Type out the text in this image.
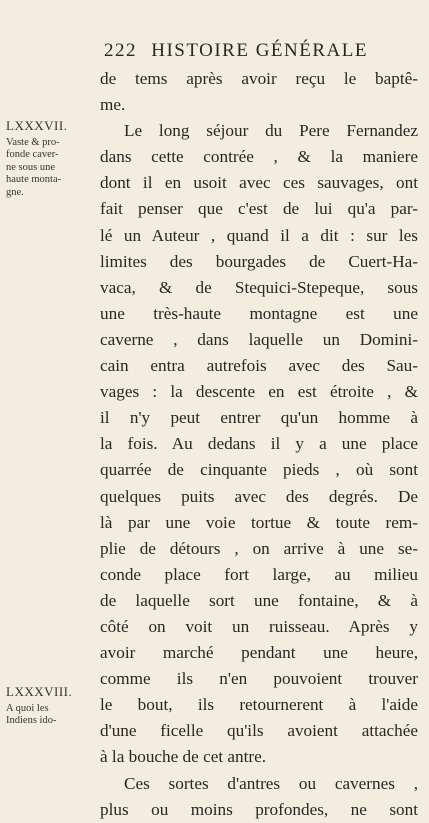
222 HISTOIRE GÉNÉRALE
LXXXVII.
Vaste & pro-
fonde caver-
ne sous une
haute monta-
gne.
LXXXVIII.
A quoi les
Indiens ido-
de tems après avoir reçu le baptê-
me.
Le long séjour du Pere Fernandez
dans cette contrée , & la maniere
dont il en usoit avec ces sauvages, ont
fait penser que c'est de lui qu'a par-
lé un Auteur , quand il a dit : sur les
limites des bourgades de Cuert-Ha-
vaca, & de Stequici-Stepeque, sous
une très-haute montagne est une
caverne , dans laquelle un Domini-
cain entra autrefois avec des Sau-
vages : la descente en est étroite , &
il n'y peut entrer qu'un homme à
la fois. Au dedans il y a une place
quarrée de cinquante pieds , où sont
quelques puits avec des degrés. De
là par une voie tortue & toute rem-
plie de détours , on arrive à une se-
conde place fort large, au milieu
de laquelle sort une fontaine, & à
côté on voit un ruisseau. Après y
avoir marché pendant une heure,
comme ils n'en pouvoient trouver
le bout, ils retournerent à l'aide
d'une ficelle qu'ils avoient attachée
à la bouche de cet antre.
Ces sortes d'antres ou cavernes ,
plus ou moins profondes, ne sont
